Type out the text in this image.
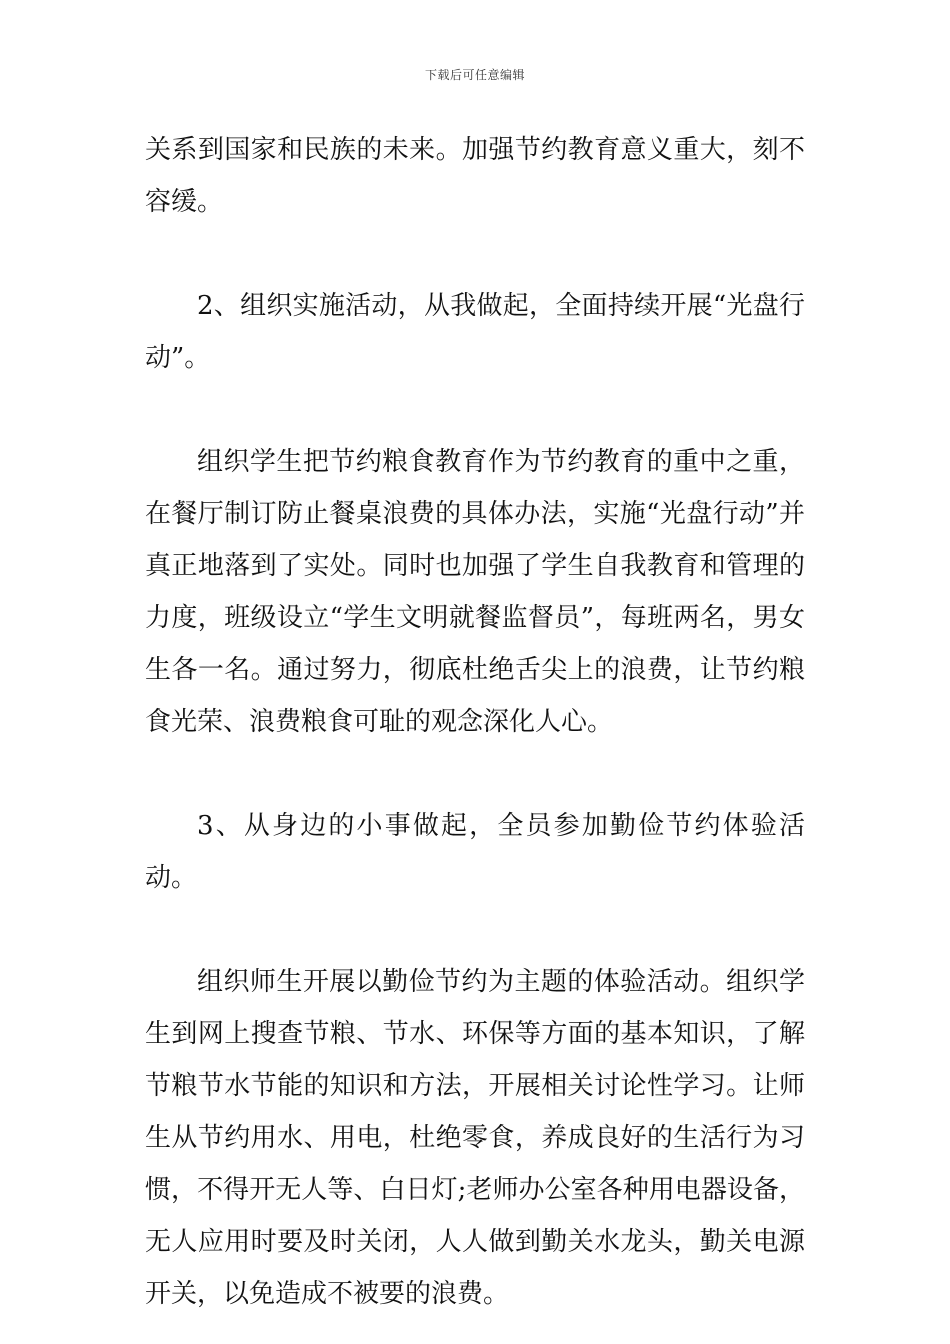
下载后可任意编辑

关系到国家和民族的未来。加强节约教育意义重大，刻不容缓。

2、组织实施活动，从我做起，全面持续开展“光盘行动”。

组织学生把节约粮食教育作为节约教育的重中之重，在餐厅制订防止餐桌浪费的具体办法，实施“光盘行动”并真正地落到了实处。同时也加强了学生自我教育和管理的力度，班级设立“学生文明就餐监督员”，每班两名，男女生各一名。通过努力，彻底杜绝舌尖上的浪费，让节约粮食光荣、浪费粮食可耻的观念深化人心。

3、从身边的小事做起，全员参加勤俭节约体验活动。

组织师生开展以勤俭节约为主题的体验活动。组织学生到网上搜查节粮、节水、环保等方面的基本知识，了解节粮节水节能的知识和方法，开展相关讨论性学习。让师生从节约用水、用电，杜绝零食，养成良好的生活行为习惯，不得开无人等、白日灯;老师办公室各种用电器设备，无人应用时要及时关闭，人人做到勤关水龙头，勤关电源开关，以免造成不被要的浪费。
